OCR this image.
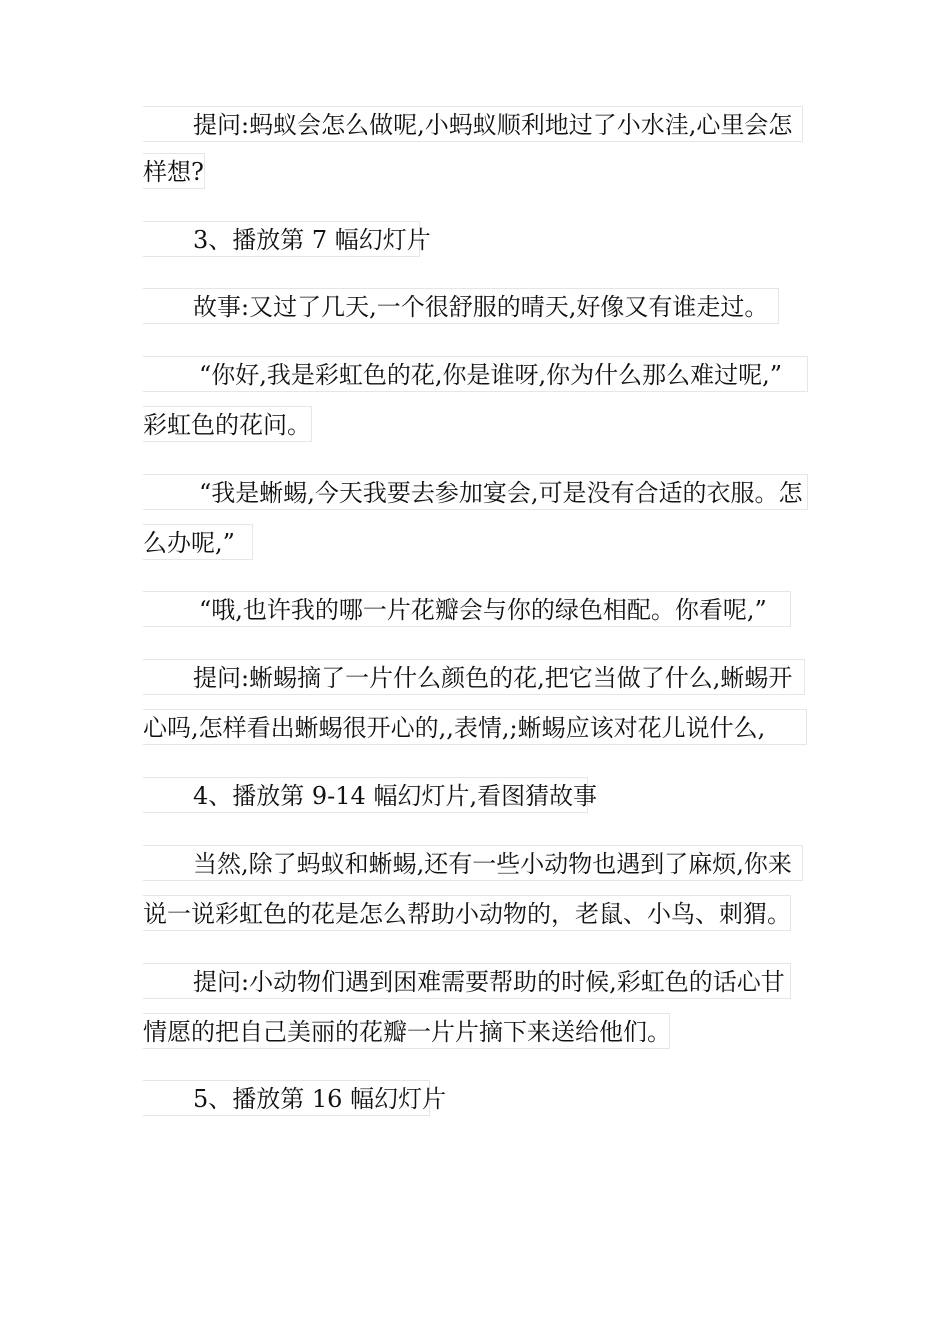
提问:蚂蚁会怎么做呢,小蚂蚁顺利地过了小水洼,心里会怎
样想?
3、播放第 7 幅幻灯片
故事:又过了几天,一个很舒服的晴天,好像又有谁走过。
“你好,我是彩虹色的花,你是谁呀,你为什么那么难过呢,”
彩虹色的花问。
“我是蜥蜴,今天我要去参加宴会,可是没有合适的衣服。怎
么办呢,”
“哦,也许我的哪一片花瓣会与你的绿色相配。你看呢,”
提问:蜥蜴摘了一片什么颜色的花,把它当做了什么,蜥蜴开
心吗,怎样看出蜥蜴很开心的,,表情,;蜥蜴应该对花儿说什么,
4、播放第 9-14 幅幻灯片,看图猜故事
当然,除了蚂蚁和蜥蜴,还有一些小动物也遇到了麻烦,你来
说一说彩虹色的花是怎么帮助小动物的，老鼠、小鸟、刺猬。
提问:小动物们遇到困难需要帮助的时候,彩虹色的话心甘
情愿的把自己美丽的花瓣一片片摘下来送给他们。
5、播放第 16 幅幻灯片
